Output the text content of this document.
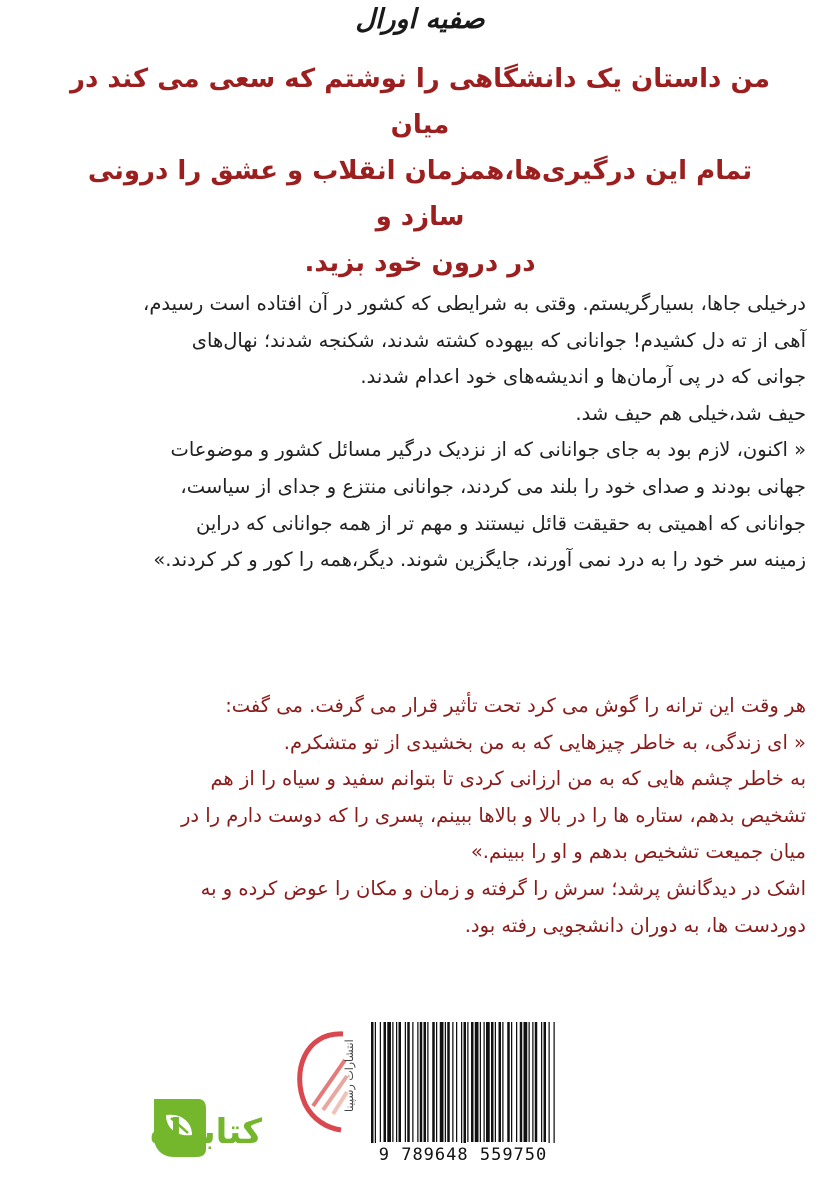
صفیه اورال
من داستان یک دانشگاهی را نوشتم که سعی می کند در میان
تمام این درگیری‌ها،همزمان انقلاب و عشق را درونی سازد و
در درون خود بزید.
درخیلی جاها، بسیارگریستم. وقتی به شرایطی که کشور در آن افتاده است رسیدم،
آهی از ته دل کشیدم! جوانانی که بیهوده کشته شدند، شکنجه شدند؛ نهال‌های
جوانی که در پی آرمان‌ها و اندیشه‌های خود اعدام شدند.
حیف شد،خیلی هم حیف شد.
« اکنون، لازم بود به جای جوانانی که از نزدیک درگیر مسائل کشور و موضوعات
جهانی بودند و صدای خود را بلند می کردند، جوانانی منتزع و جدای از سیاست،
جوانانی که اهمیتی به حقیقت قائل نیستند و مهم تر از همه جوانانی که دراین
زمینه سر خود را به درد نمی آورند، جایگزین شوند. دیگر،همه را کور و کر کردند.»
هر وقت این ترانه را گوش می کرد تحت تأثیر قرار می گرفت. می گفت:
« ای زندگی، به خاطر چیزهایی که به من بخشیدی از تو متشکرم.
به خاطر چشم هایی که به من ارزانی کردی تا بتوانم سفید و سیاه را از هم
تشخیص بدهم، ستاره ها را در بالا و بالاها ببینم، پسری را که دوست دارم را در
میان جمیعت تشخیص بدهم و او را ببینم.»
اشک در دیدگانش پرشد؛ سرش را گرفته و زمان و مکان را عوض کرده و به
دوردست ها، به دوران دانشجویی رفته بود.
انتشارات رسپینا
9 789648 559750
کتابراه
